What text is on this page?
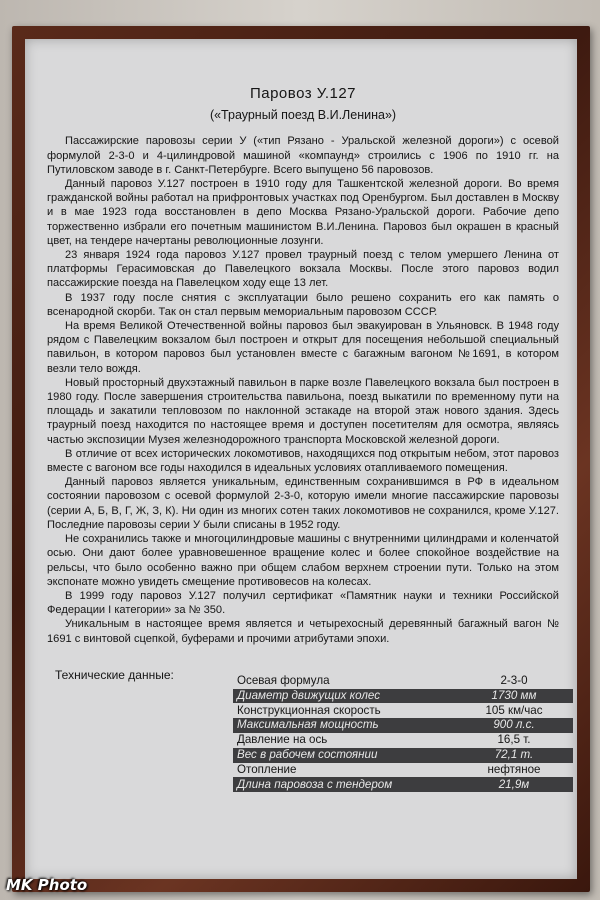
Паровоз У.127
(«Траурный поезд В.И.Ленина»)

Пассажирские паровозы серии У («тип Рязано - Уральской железной дороги») с осевой формулой 2-3-0 и 4-цилиндровой машиной «компаунд» строились с 1906 по 1910 гг. на Путиловском заводе в г. Санкт-Петербурге. Всего выпущено 56 паровозов.

Данный паровоз У.127 построен в 1910 году для Ташкентской железной дороги. Во время гражданской войны работал на прифронтовых участках под Оренбургом. Был доставлен в Москву и в мае 1923 года восстановлен в депо Москва Рязано-Уральской дороги. Рабочие депо торжественно избрали его почетным машинистом В.И.Ленина. Паровоз был окрашен в красный цвет, на тендере начертаны революционные лозунги.

23 января 1924 года паровоз У.127 провел траурный поезд с телом умершего Ленина от платформы Герасимовская до Павелецкого вокзала Москвы. После этого паровоз водил пассажирские поезда на Павелецком ходу еще 13 лет.

В 1937 году после снятия с эксплуатации было решено сохранить его как память о всенародной скорби. Так он стал первым мемориальным паровозом СССР.

На время Великой Отечественной войны паровоз был эвакуирован в Ульяновск. В 1948 году рядом с Павелецким вокзалом был построен и открыт для посещения небольшой специальный павильон, в котором паровоз был установлен вместе с багажным вагоном №1691, в котором везли тело вождя.

Новый просторный двухэтажный павильон в парке возле Павелецкого вокзала был построен в 1980 году. После завершения строительства павильона, поезд выкатили по временному пути на площадь и закатили тепловозом по наклонной эстакаде на второй этаж нового здания. Здесь траурный поезд находится по настоящее время и доступен посетителям для осмотра, являясь частью экспозиции Музея железнодорожного транспорта Московской железной дороги.

В отличие от всех исторических локомотивов, находящихся под открытым небом, этот паровоз вместе с вагоном все годы находился в идеальных условиях отапливаемого помещения.

Данный паровоз является уникальным, единственным сохранившимся в РФ в идеальном состоянии паровозом с осевой формулой 2-3-0, которую имели многие пассажирские паровозы (серии А, Б, В, Г, Ж, З, К). Ни один из многих сотен таких локомотивов не сохранился, кроме У.127. Последние паровозы серии У были списаны в 1952 году.

Не сохранились также и многоцилиндровые машины с внутренними цилиндрами и коленчатой осью. Они дают более уравновешенное вращение колес и более спокойное воздействие на рельсы, что было особенно важно при общем слабом верхнем строении пути. Только на этом экспонате можно увидеть смещение противовесов на колесах.

В 1999 году паровоз У.127 получил сертификат «Памятник науки и техники Российской Федерации I категории» за № 350.

Уникальным в настоящее время является и четырехосный деревянный багажный вагон № 1691 с винтовой сцепкой, буферами и прочими атрибутами эпохи.

Технические данные:	Осевая формула	2-3-0
Диаметр движущих колес	1730 мм
Конструкционная скорость	105 км/час
Максимальная мощность	900 л.с.
Давление на ось	16,5 т.
Вес в рабочем состоянии	72,1 т.
Отопление	нефтяное
Длина паровоза с тендером	21,9м
MK Photo
